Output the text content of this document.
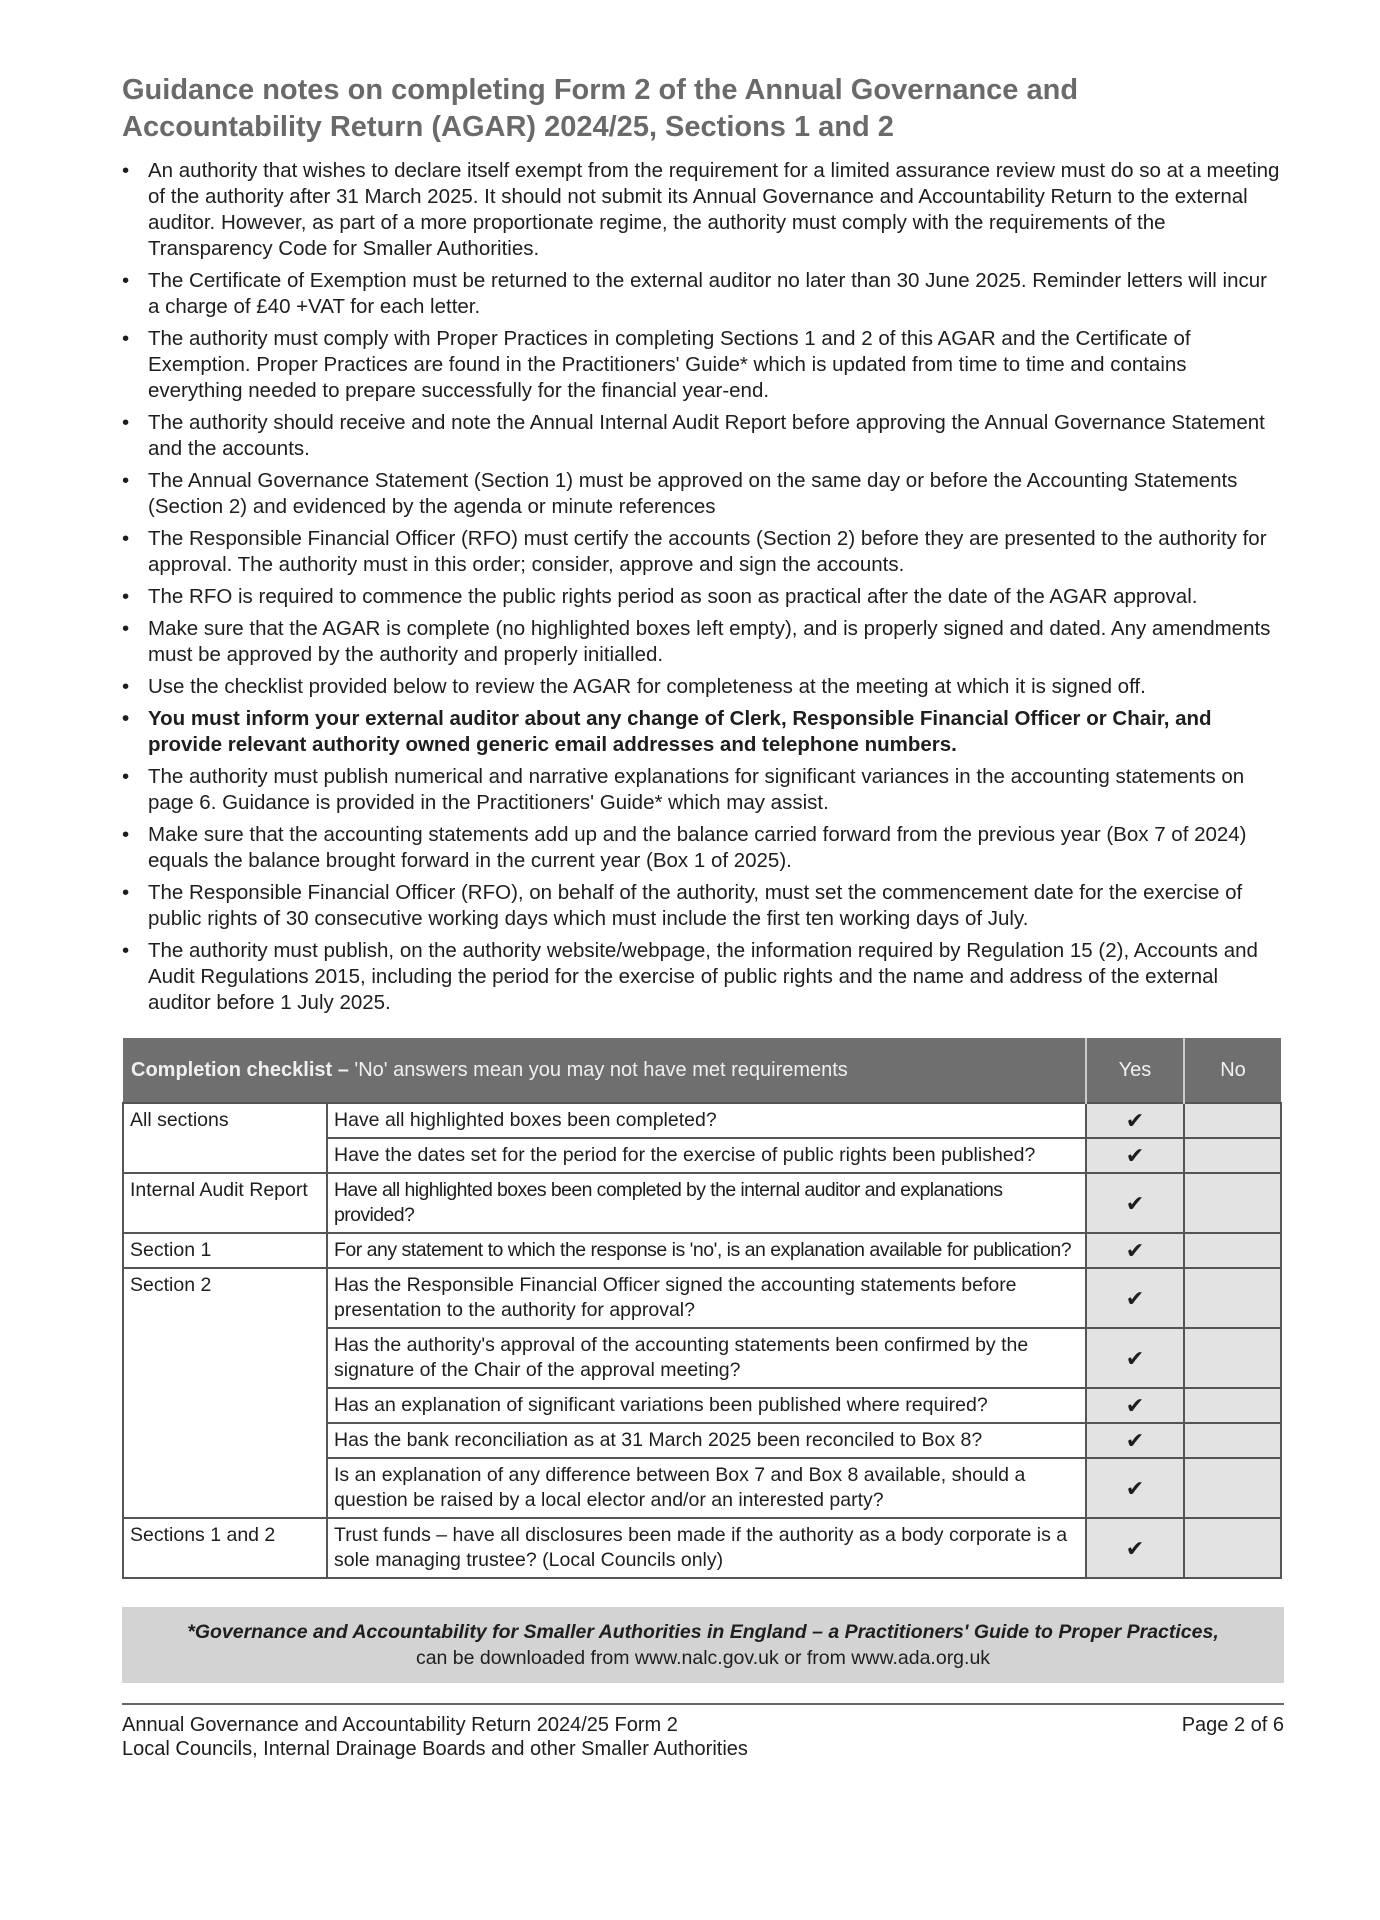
Guidance notes on completing Form 2 of the Annual Governance and
Accountability Return (AGAR) 2024/25, Sections 1 and 2
• An authority that wishes to declare itself exempt from the requirement for a limited assurance review must do so at a meeting of the authority after 31 March 2025. It should not submit its Annual Governance and Accountability Return to the external auditor. However, as part of a more proportionate regime, the authority must comply with the requirements of the Transparency Code for Smaller Authorities.
• The Certificate of Exemption must be returned to the external auditor no later than 30 June 2025. Reminder letters will incur a charge of £40 +VAT for each letter.
• The authority must comply with Proper Practices in completing Sections 1 and 2 of this AGAR and the Certificate of Exemption. Proper Practices are found in the Practitioners' Guide* which is updated from time to time and contains everything needed to prepare successfully for the financial year-end.
• The authority should receive and note the Annual Internal Audit Report before approving the Annual Governance Statement and the accounts.
• The Annual Governance Statement (Section 1) must be approved on the same day or before the Accounting Statements (Section 2) and evidenced by the agenda or minute references
• The Responsible Financial Officer (RFO) must certify the accounts (Section 2) before they are presented to the authority for approval. The authority must in this order; consider, approve and sign the accounts.
• The RFO is required to commence the public rights period as soon as practical after the date of the AGAR approval.
• Make sure that the AGAR is complete (no highlighted boxes left empty), and is properly signed and dated. Any amendments must be approved by the authority and properly initialled.
• Use the checklist provided below to review the AGAR for completeness at the meeting at which it is signed off.
• You must inform your external auditor about any change of Clerk, Responsible Financial Officer or Chair, and provide relevant authority owned generic email addresses and telephone numbers.
• The authority must publish numerical and narrative explanations for significant variances in the accounting statements on page 6. Guidance is provided in the Practitioners' Guide* which may assist.
• Make sure that the accounting statements add up and the balance carried forward from the previous year (Box 7 of 2024) equals the balance brought forward in the current year (Box 1 of 2025).
• The Responsible Financial Officer (RFO), on behalf of the authority, must set the commencement date for the exercise of public rights of 30 consecutive working days which must include the first ten working days of July.
• The authority must publish, on the authority website/webpage, the information required by Regulation 15 (2), Accounts and Audit Regulations 2015, including the period for the exercise of public rights and the name and address of the external auditor before 1 July 2025.
Completion checklist – 'No' answers mean you may not have met requirements		Yes	No
All sections	Have all highlighted boxes been completed?	✔	
	Have the dates set for the period for the exercise of public rights been published?	✔	
Internal Audit Report	Have all highlighted boxes been completed by the internal auditor and explanations provided?	✔	
Section 1	For any statement to which the response is 'no', is an explanation available for publication?	✔	
Section 2	Has the Responsible Financial Officer signed the accounting statements before presentation to the authority for approval?	✔	
	Has the authority's approval of the accounting statements been confirmed by the signature of the Chair of the approval meeting?	✔	
	Has an explanation of significant variations been published where required?	✔	
	Has the bank reconciliation as at 31 March 2025 been reconciled to Box 8?	✔	
	Is an explanation of any difference between Box 7 and Box 8 available, should a question be raised by a local elector and/or an interested party?	✔	
Sections 1 and 2	Trust funds – have all disclosures been made if the authority as a body corporate is a sole managing trustee? (Local Councils only)	✔	
*Governance and Accountability for Smaller Authorities in England – a Practitioners' Guide to Proper Practices,
can be downloaded from www.nalc.gov.uk or from www.ada.org.uk
Annual Governance and Accountability Return 2024/25 Form 2
Local Councils, Internal Drainage Boards and other Smaller Authorities
Page 2 of 6
